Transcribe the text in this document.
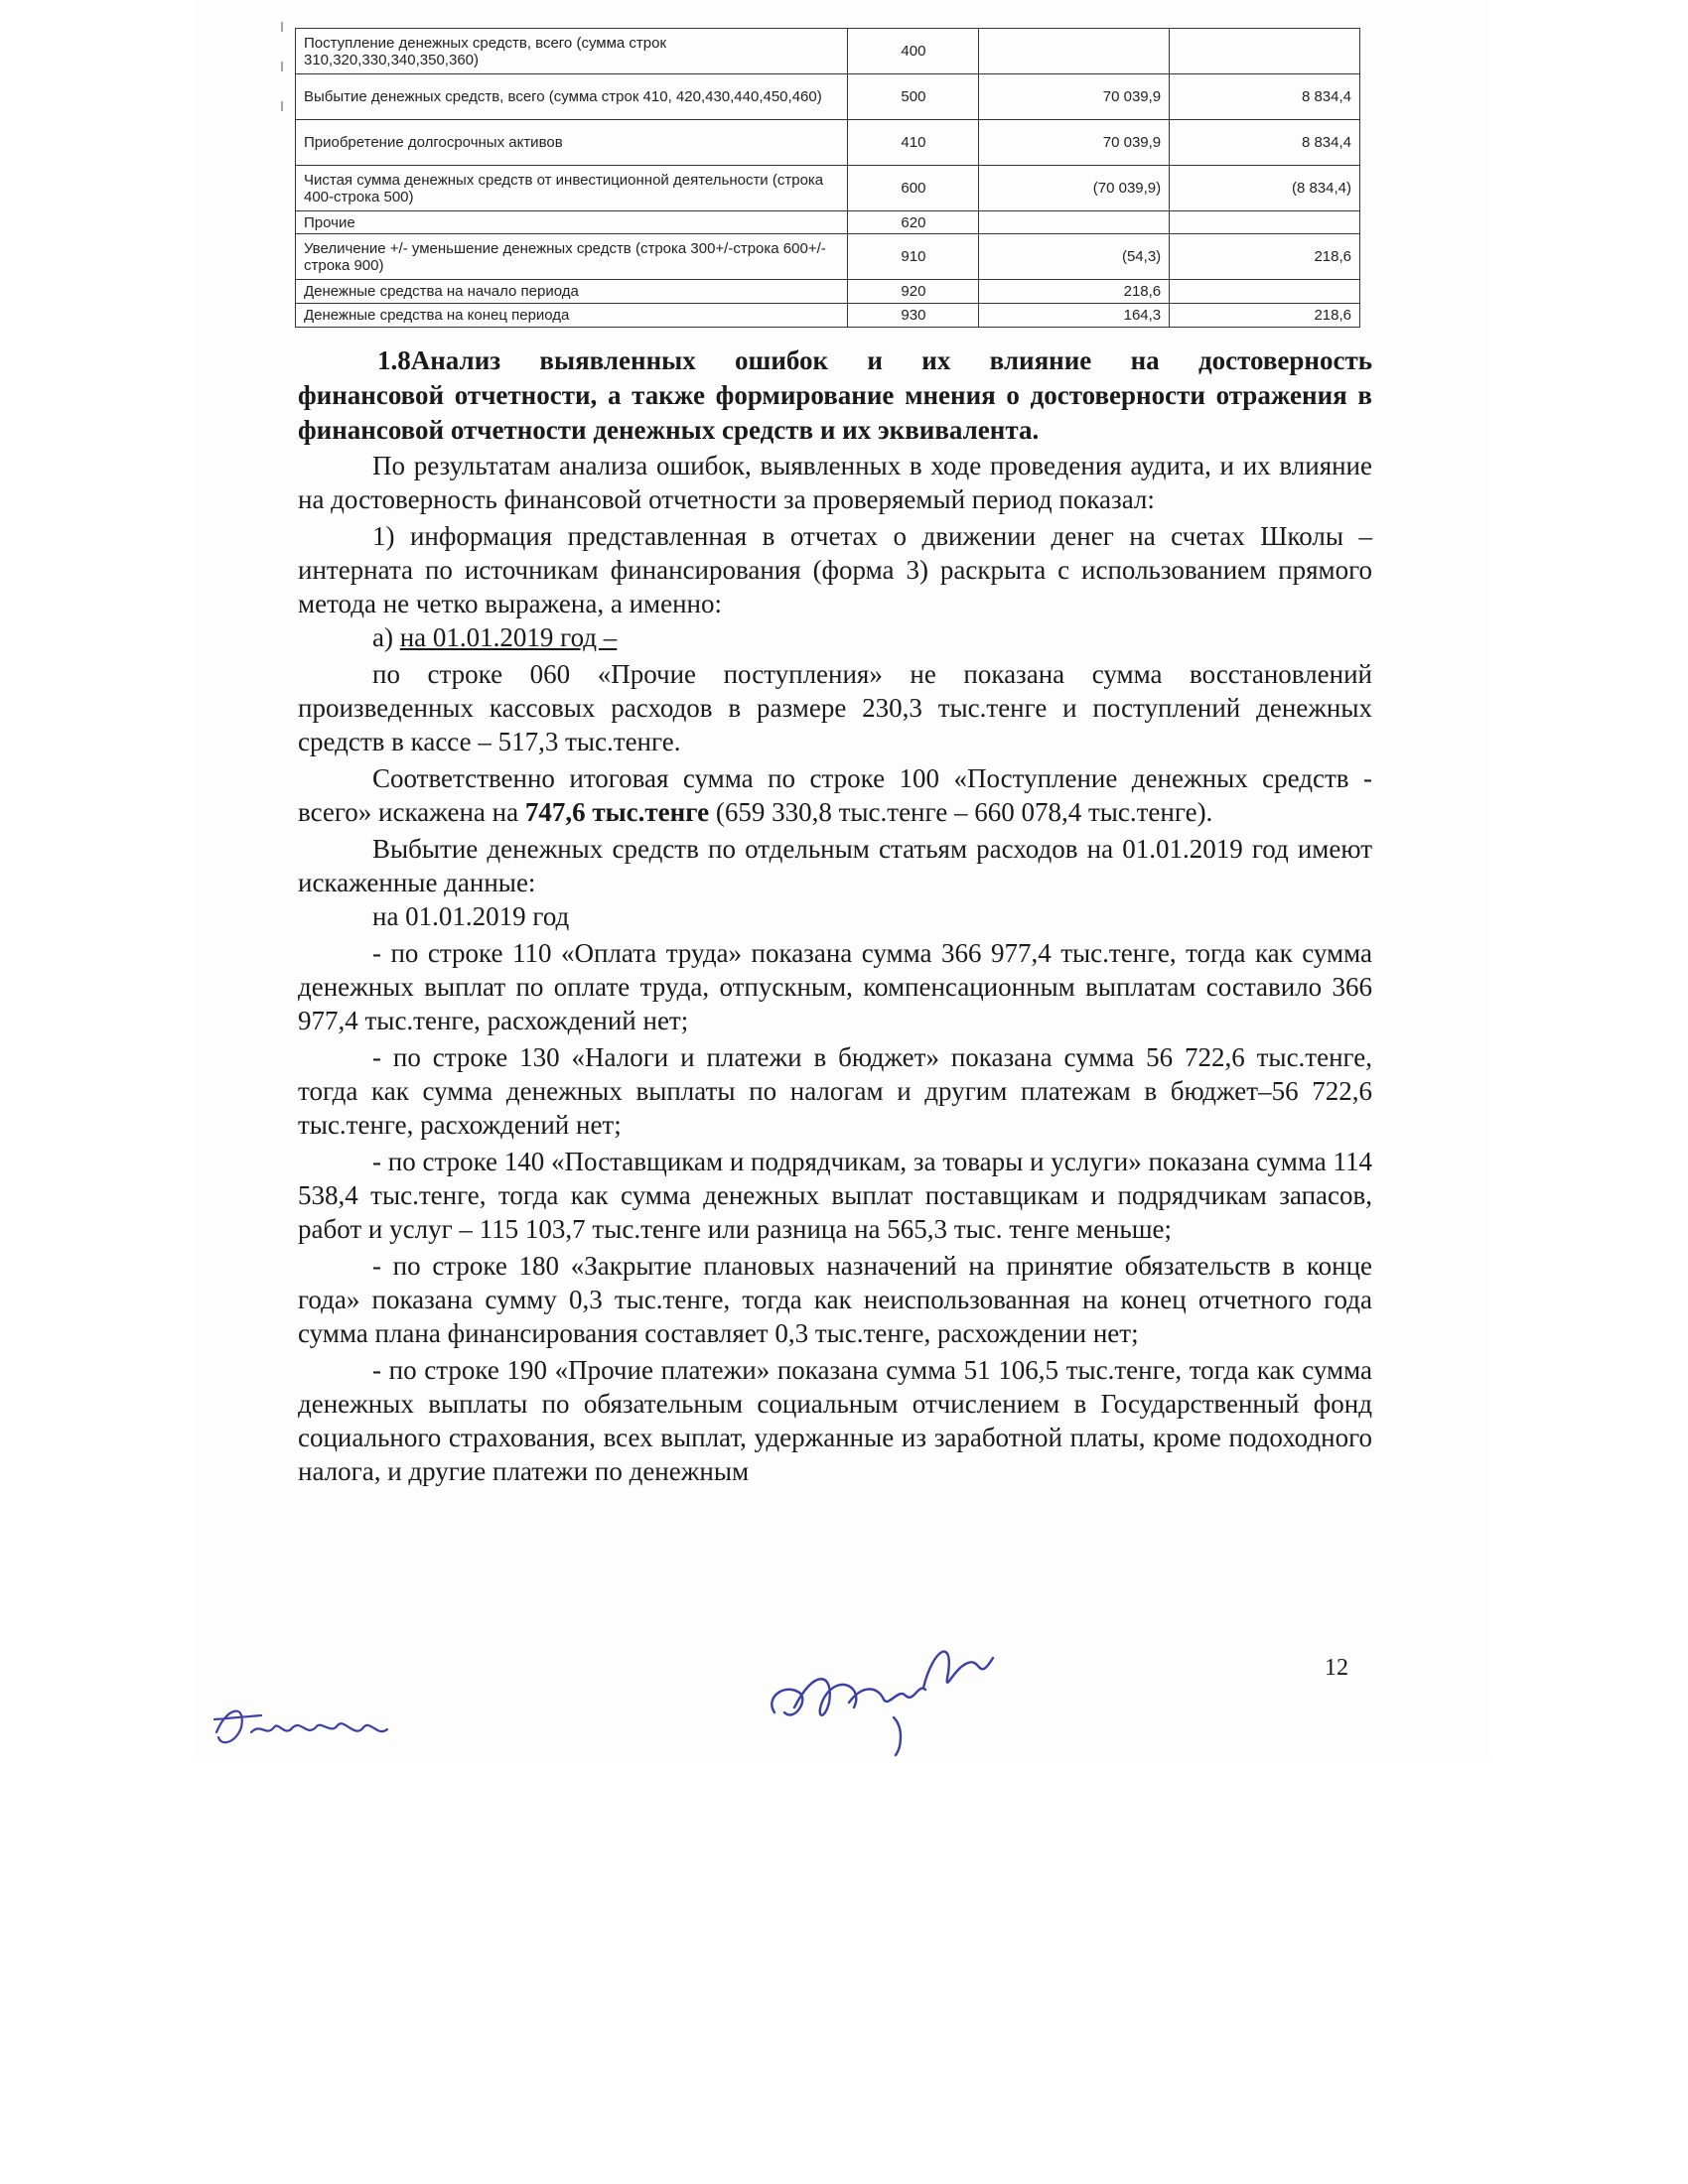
Поступление денежных средств, всего (сумма строк 310,320,330,340,350,360)	400		
Выбытие денежных средств, всего (сумма строк 410, 420,430,440,450,460)	500	70 039,9	8 834,4
Приобретение долгосрочных активов	410	70 039,9	8 834,4
Чистая сумма денежных средств от инвестиционной деятельности (строка 400-строка 500)	600	(70 039,9)	(8 834,4)
Прочие	620		
Увеличение +/- уменьшение денежных средств (строка 300+/-строка 600+/-строка 900)	910	(54,3)	218,6
Денежные средства на начало периода	920	218,6	
Денежные средства на конец периода	930	164,3	218,6
1.8Анализ выявленных ошибок и их влияние на достоверность
финансовой отчетности, а также формирование мнения о достоверности отражения в финансовой отчетности денежных средств и их эквивалента.

По результатам анализа ошибок, выявленных в ходе проведения аудита, и их влияние на достоверность финансовой отчетности за проверяемый период показал:

1) информация представленная в отчетах о движении денег на счетах Школы – интерната по источникам финансирования (форма 3) раскрыта с использованием прямого метода не четко выражена, а именно:

а) на 01.01.2019 год –

по строке 060 «Прочие поступления» не показана сумма восстановлений произведенных кассовых расходов в размере 230,3 тыс.тенге и поступлений денежных средств в кассе – 517,3 тыс.тенге.

Соответственно итоговая сумма по строке 100 «Поступление денежных средств - всего» искажена на 747,6 тыс.тенге (659 330,8 тыс.тенге – 660 078,4 тыс.тенге).

Выбытие денежных средств по отдельным статьям расходов на 01.01.2019 год имеют искаженные данные:

на 01.01.2019 год

- по строке 110 «Оплата труда» показана сумма 366 977,4 тыс.тенге, тогда как сумма денежных выплат по оплате труда, отпускным, компенсационным выплатам составило 366 977,4 тыс.тенге, расхождений нет;

- по строке 130 «Налоги и платежи в бюджет» показана сумма 56 722,6 тыс.тенге, тогда как сумма денежных выплаты по налогам и другим платежам в бюджет–56 722,6 тыс.тенге, расхождений нет;

- по строке 140 «Поставщикам и подрядчикам, за товары и услуги» показана сумма 114 538,4 тыс.тенге, тогда как сумма денежных выплат поставщикам и подрядчикам запасов, работ и услуг – 115 103,7 тыс.тенге или разница на 565,3 тыс. тенге меньше;

- по строке 180 «Закрытие плановых назначений на принятие обязательств в конце года» показана сумму 0,3 тыс.тенге, тогда как неиспользованная на конец отчетного года сумма плана финансирования составляет 0,3 тыс.тенге, расхождении нет;

- по строке 190 «Прочие платежи» показана сумма 51 106,5 тыс.тенге, тогда как сумма денежных выплаты по обязательным социальным отчислением в Государственный фонд социального страхования, всех выплат, удержанные из заработной платы, кроме подоходного налога, и другие платежи по денежным

12
